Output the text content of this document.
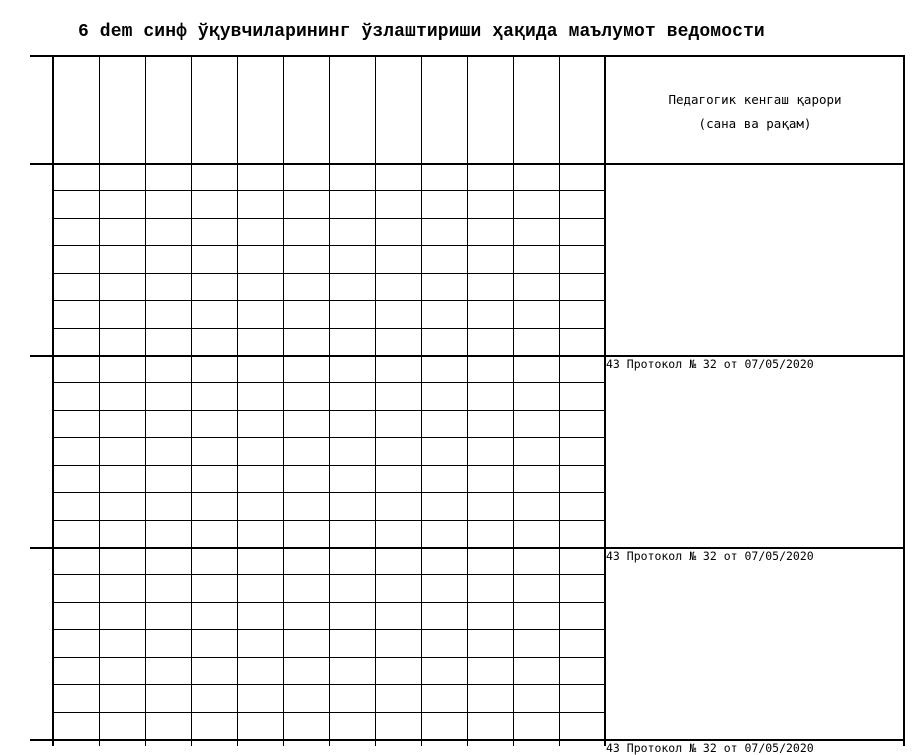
6 dem синф ўқувчиларининг ўзлаштириши ҳақида маълумот ведомости
Педагогик кенгаш қарори
(сана ва рақам)
43 Протокол № 32 от 07/05/2020
43 Протокол № 32 от 07/05/2020
43 Протокол № 32 от 07/05/2020
